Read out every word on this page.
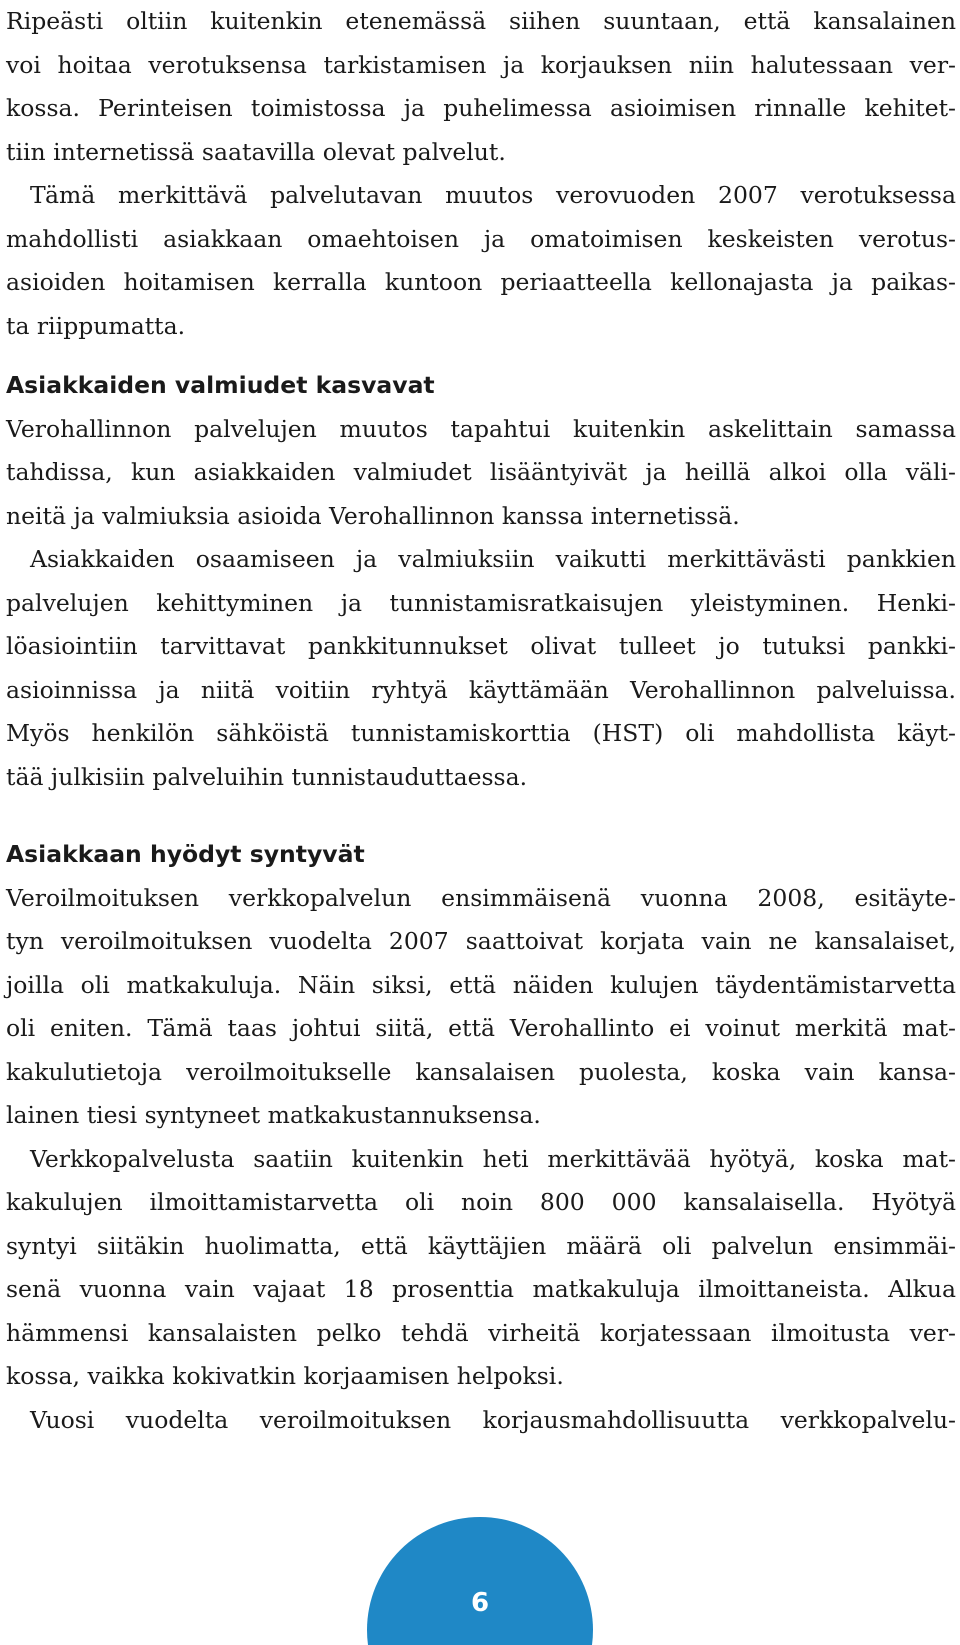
Ripeästi oltiin kuitenkin etenemässä siihen suuntaan, että kansalainen
voi hoitaa verotuksensa tarkistamisen ja korjauksen niin halutessaan ver-
kossa. Perinteisen toimistossa ja puhelimessa asioimisen rinnalle kehitet-
tiin internetissä saatavilla olevat palvelut.
Tämä merkittävä palvelutavan muutos verovuoden 2007 verotuksessa
mahdollisti asiakkaan omaehtoisen ja omatoimisen keskeisten verotus-
asioiden hoitamisen kerralla kuntoon periaatteella kellonajasta ja paikas-
ta riippumatta.
Asiakkaiden valmiudet kasvavat
Verohallinnon palvelujen muutos tapahtui kuitenkin askelittain samassa
tahdissa, kun asiakkaiden valmiudet lisääntyivät ja heillä alkoi olla väli-
neitä ja valmiuksia asioida Verohallinnon kanssa internetissä.
Asiakkaiden osaamiseen ja valmiuksiin vaikutti merkittävästi pankkien
palvelujen kehittyminen ja tunnistamisratkaisujen yleistyminen. Henki-
löasiointiin tarvittavat pankkitunnukset olivat tulleet jo tutuksi pankki-
asioinnissa ja niitä voitiin ryhtyä käyttämään Verohallinnon palveluissa.
Myös henkilön sähköistä tunnistamiskorttia (HST) oli mahdollista käyt-
tää julkisiin palveluihin tunnistauduttaessa.
Asiakkaan hyödyt syntyvät
Veroilmoituksen verkkopalvelun ensimmäisenä vuonna 2008, esitäyte-
tyn veroilmoituksen vuodelta 2007 saattoivat korjata vain ne kansalaiset,
joilla oli matkakuluja. Näin siksi, että näiden kulujen täydentämistarvetta
oli eniten. Tämä taas johtui siitä, että Verohallinto ei voinut merkitä mat-
kakulutietoja veroilmoitukselle kansalaisen puolesta, koska vain kansa-
lainen tiesi syntyneet matkakustannuksensa.
Verkkopalvelusta saatiin kuitenkin heti merkittävää hyötyä, koska mat-
kakulujen ilmoittamistarvetta oli noin 800 000 kansalaisella. Hyötyä
syntyi siitäkin huolimatta, että käyttäjien määrä oli palvelun ensimmäi-
senä vuonna vain vajaat 18 prosenttia matkakuluja ilmoittaneista. Alkua
hämmensi kansalaisten pelko tehdä virheitä korjatessaan ilmoitusta ver-
kossa, vaikka kokivatkin korjaamisen helpoksi.
Vuosi vuodelta veroilmoituksen korjausmahdollisuutta verkkopalvelu-
6
